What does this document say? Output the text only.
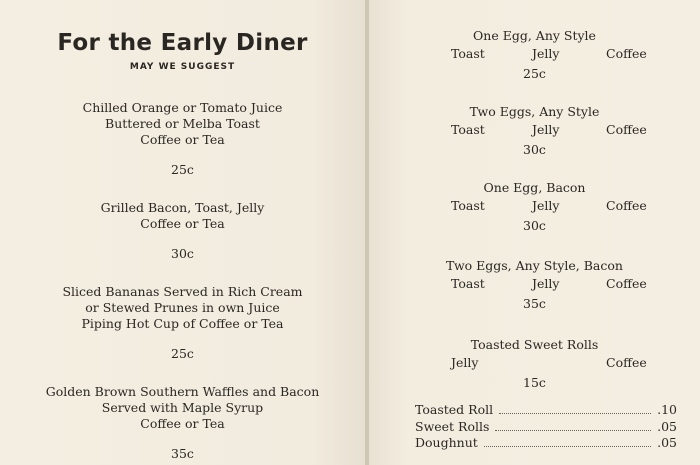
For the Early Diner
MAY WE SUGGEST
Chilled Orange or Tomato Juice
Buttered or Melba Toast
Coffee or Tea
25c
Grilled Bacon, Toast, Jelly
Coffee or Tea
30c
Sliced Bananas Served in Rich Cream
or Stewed Prunes in own Juice
Piping Hot Cup of Coffee or Tea
25c
Golden Brown Southern Waffles and Bacon
Served with Maple Syrup
Coffee or Tea
35c
One Egg, Any Style
Toast	Jelly	Coffee
25c
Two Eggs, Any Style
Toast	Jelly	Coffee
30c
One Egg, Bacon
Toast	Jelly	Coffee
30c
Two Eggs, Any Style, Bacon
Toast	Jelly	Coffee
35c
Toasted Sweet Rolls
Jelly	Coffee
15c
Toasted Roll	.10
Sweet Rolls	.05
Doughnut	.05
